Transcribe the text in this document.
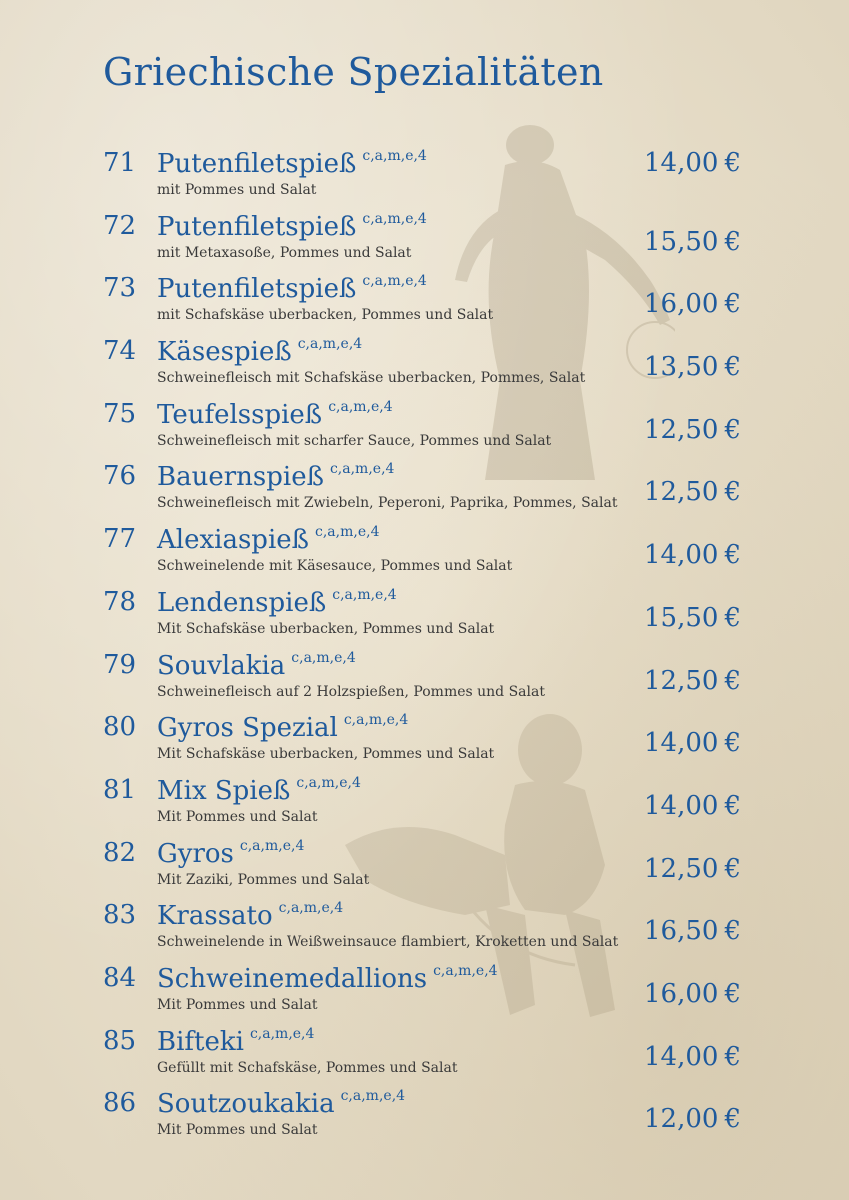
Griechische Spezialitäten
71 Putenfiletspieß $^{c,a,m,e,4}$
mit Pommes und Salat
14,00 €
72 Putenfiletspieß $^{c,a,m,e,4}$
mit Metaxasoße, Pommes und Salat	15,50 €
73 Putenfiletspieß $^{c,a,m,e,4}$
mit Schafskäse uberbacken, Pommes und Salat	16,00 €
74 Käsespieß $^{c,a,m,e,4}$
Schweinefleisch mit Schafskäse uberbacken, Pommes, Salat 13,50 €
75 Teufelsspieß $^{c,a,m,e,4}$
Schweinefleisch mit scharfer Sauce, Pommes und Salat	12,50 €
76 Bauernspieß $^{c,a,m,e,4}$
Schweinefleisch mit Zwiebeln, Peperoni, Paprika, Pommes, Salat 12,50 €
77 Alexiaspieß $^{c,a,m,e,4}$
Schweinelende mit Käsesauce, Pommes und Salat	14,00 €
78 Lendenspieß $^{c,a,m,e,4}$
Mit Schafskäse uberbacken, Pommes und Salat	15,50 €
79 Souvlakia $^{c,a,m,e,4}$
Schweinefleisch auf 2 Holzspießen, Pommes und Salat	12,50 €
80 Gyros Spezial $^{c,a,m,e,4}$
Mit Schafskäse uberbacken, Pommes und Salat	14,00 €
81 Mix Spieß $^{c,a,m,e,4}$
Mit Pommes und Salat	14,00 €
82 Gyros $^{c,a,m,e,4}$
Mit Zaziki, Pommes und Salat	12,50 €
83 Krassato $^{c,a,m,e,4}$
Schweinelende in Weißweinsauce flambiert, Kroketten und Salat 16,50 €
84 Schweinemedallions $^{c,a,m,e,4}$
Mit Pommes und Salat	16,00 €
85 Bifteki $^{c,a,m,e,4}$
Gefüllt mit Schafskäse, Pommes und Salat	14,00 €
86 Soutzoukakia $^{c,a,m,e,4}$
Mit Pommes und Salat	12,00 €
